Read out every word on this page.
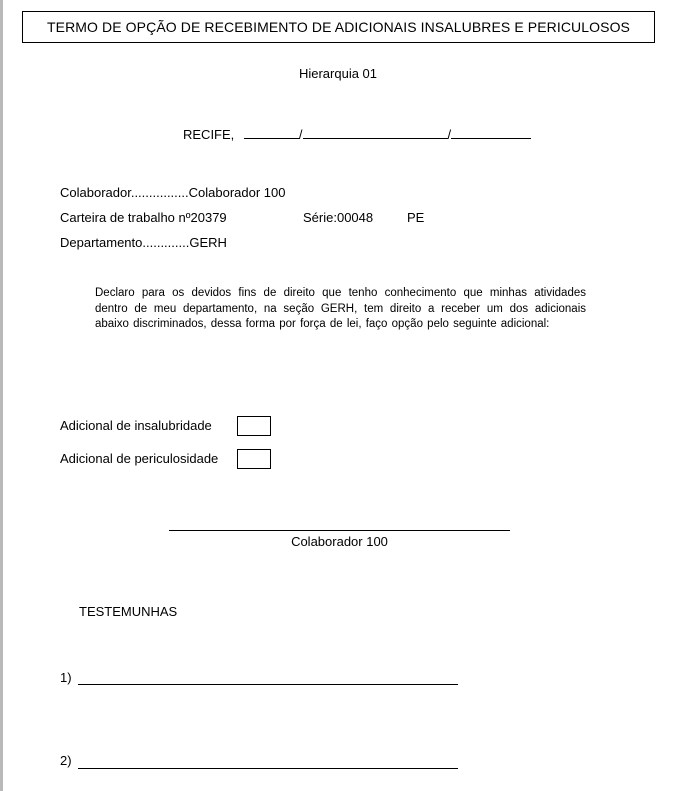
TERMO DE OPÇÃO DE RECEBIMENTO DE ADICIONAIS INSALUBRES E PERICULOSOS
Hierarquia 01
RECIFE,	/	/
Colaborador................Colaborador 100
Carteira de trabalho nº20379	Série:00048	PE
Departamento.............GERH
Declaro para os devidos fins de direito que tenho conhecimento que minhas atividades dentro de meu departamento, na seção GERH, tem direito a receber um dos adicionais abaixo discriminados, dessa forma por força de lei, faço opção pelo seguinte adicional:
Adicional de insalubridade
Adicional de periculosidade
Colaborador 100
TESTEMUNHAS
1)
2)
